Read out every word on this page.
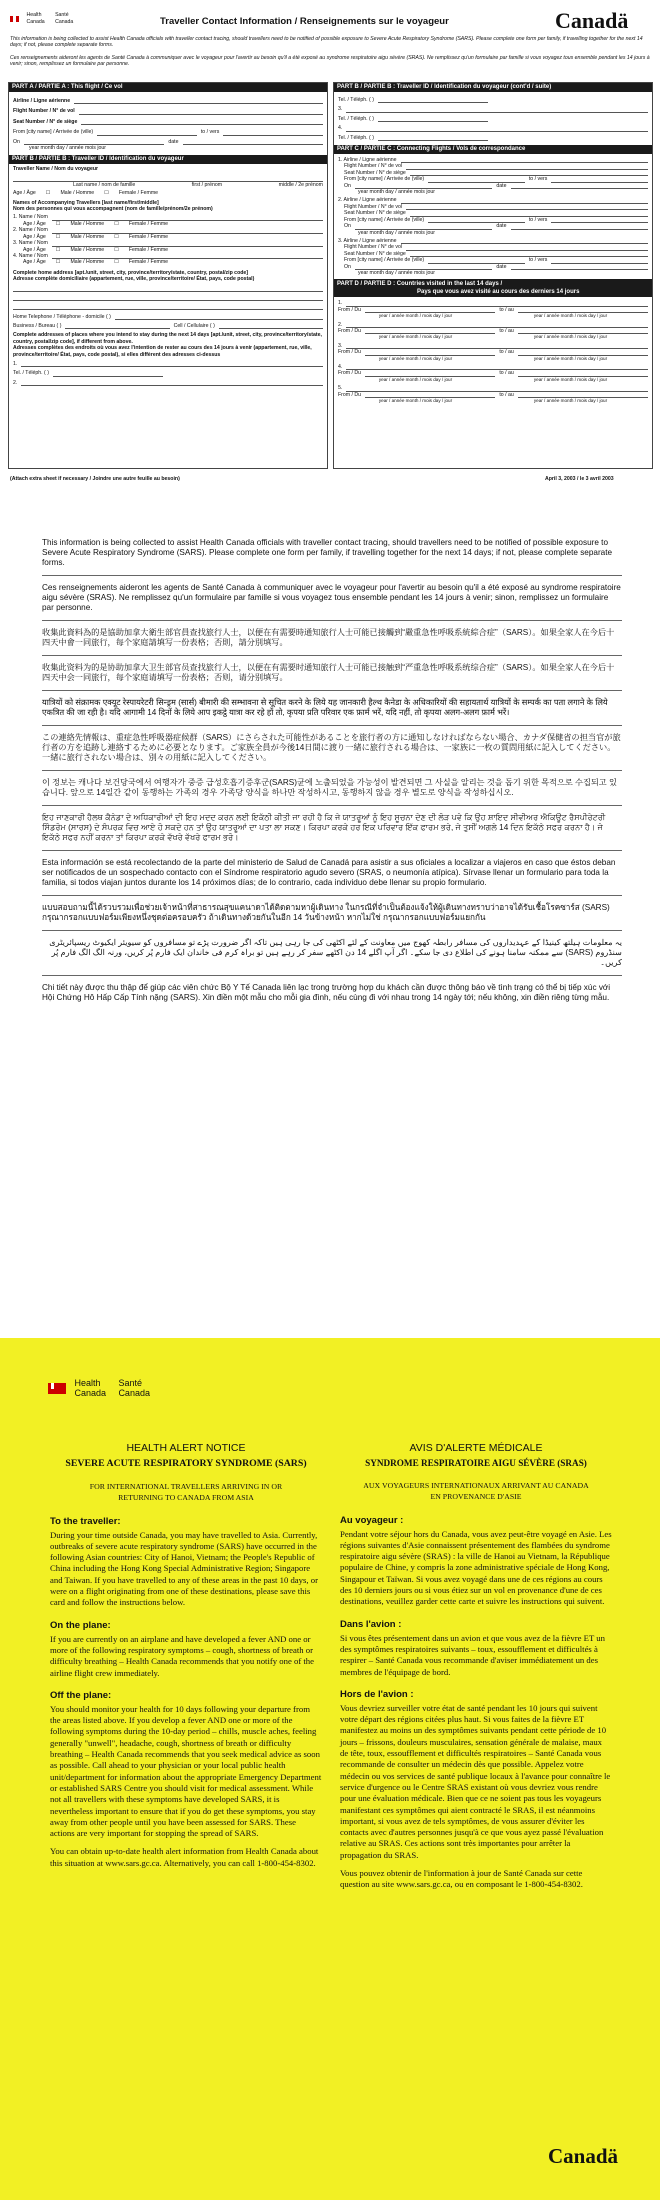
Health
Canada Santé
Canada	Traveller Contact Information / Renseignements sur le voyageur	Canadä
This information is being collected to assist Health Canada officials with traveller contact tracing, should travellers need to be notified of possible exposure to Severe Acute Respiratory Syndrome (SARS). Please complete one form per family, if travelling together for the next 14 days; if not, please complete separate forms.
Ces renseignements aideront les agents de Santé Canada à communiquer avec le voyageur pour l'avertir au besoin qu'il a été exposé au syndrome respiratoire aigu sévère (SRAS). Ne remplissez qu'un formulaire par famille si vous voyagez tous ensemble pendant les 14 jours à venir; sinon, remplissez un formulaire par personne.
PART A / PARTIE A : This flight / Ce vol
Airline / Ligne aérienne
Flight Number / N° de vol
Seat Number / N° de siège
From [city name] / Arrivée de (ville)	to / vers
On	date
year month day / année mois jour
PART B / PARTIE B : Traveller ID / Identification du voyageur
Traveller Name / Nom du voyageur
Last name / nom de famille	first / prénom	middle / 2e prénom
Age / Âge ☐ Male / Homme ☐ Female / Femme
Names of Accompanying Travellers [last name/first/middle]
Nom des personnes qui vous accompagnent (nom de famille/prénom/2e prénom)
1. Name / Nom
Age / Âge ☐ Male / Homme ☐ Female / Femme
2. Name / Nom
Age / Âge ☐ Male / Homme ☐ Female / Femme
3. Name / Nom
Age / Âge ☐ Male / Homme ☐ Female / Femme
4. Name / Nom
Age / Âge ☐ Male / Homme ☐ Female / Femme
Complete home address [apt./unit, street, city, province/territory/state, country, postal/zip code]
Adresse complète domiciliaire (appartement, rue, ville, province/territoire/ État, pays, code postal)
Home Telephone / Téléphone - domicile ( )
Business / Bureau ( )	Cell / Cellulaire ( )
Complete addresses of places where you intend to stay during the next 14 days [apt./unit, street, city, province/territory/state, country, postal/zip code], if different from above.
Adresses complètes des endroits où vous avez l'intention de rester au cours des 14 jours à venir (appartement, rue, ville, province/territoire/ État, pays, code postal), si elles diffèrent des adresses ci-dessus
1.
Tel. / Téléph. ( )
2.
PART B / PARTIE B : Traveller ID / Identification du voyageur (cont'd / suite)
Tel. / Téléph. ( )
3.
Tel. / Téléph. ( )
4.
Tel. / Téléph. ( )
PART C / PARTIE C : Connecting Flights / Vols de correspondance
1. Airline / Ligne aérienne
Flight Number / N° de vol
Seat Number / N° de siège
From [city name] / Arrivée de (ville)	to / vers
On	date
year month day / année mois jour
2. Airline / Ligne aérienne
Flight Number / N° de vol
Seat Number / N° de siège
From [city name] / Arrivée de (ville)	to / vers
On	date
year month day / année mois jour
3. Airline / Ligne aérienne
Flight Number / N° de vol
Seat Number / N° de siège
From [city name] / Arrivée de (ville)	to / vers
On	date
year month day / année mois jour
PART D / PARTIE D : Countries visited in the last 14 days /
Pays que vous avez visité au cours des derniers 14 jours
1.
From / Du	to / au
year / année month / mois day / jour	year / année month / mois day / jour
2.
From / Du	to / au
year / année month / mois day / jour	year / année month / mois day / jour
3.
From / Du	to / au
year / année month / mois day / jour	year / année month / mois day / jour
4.
From / Du	to / au
year / année month / mois day / jour	year / année month / mois day / jour
5.
From / Du	to / au
year / année month / mois day / jour	year / année month / mois day / jour
(Attach extra sheet if necessary / Joindre une autre feuille au besoin)	April 3, 2003 / le 3 avril 2003

This information is being collected to assist Health Canada officials with traveller contact tracing, should travellers need to be notified of possible exposure to Severe Acute Respiratory Syndrome (SARS). Please complete one form per family, if travelling together for the next 14 days; if not, please complete separate forms.

Ces renseignements aideront les agents de Santé Canada à communiquer avec le voyageur pour l'avertir au besoin qu'il a été exposé au syndrome respiratoire aigu sévère (SRAS). Ne remplissez qu'un formulaire par famille si vous voyagez tous ensemble pendant les 14 jours à venir; sinon, remplissez un formulaire par personne.

收集此資料為的是協助加拿大衛生部官員查找旅行人士，以便在有需要時通知旅行人士可能已接觸到“嚴重急性呼吸系統綜合症”（SARS）。如果全家人在今后十四天中會一同旅行，每个家庭請填写一份表格；否則，請分別填写。

收集此资料为的是协助加拿大卫生部官员查找旅行人士，以便在有需要时通知旅行人士可能已接触到“严重急性呼吸系统综合症”（SARS）。如果全家人在今后十四天中会一同旅行，每个家庭请填写一份表格；否则，请分别填写。

यात्रियों को संक्रामक एक्यूट रेस्पायरेटरी सिन्ड्रम (सार्स) बीमारी की सम्भावना से सूचित करने के लिये यह जानकारी हैल्थ कैनेडा के अधिकारियों की सहायतार्थ यात्रियों के सम्पर्क का पता लगाने के लिये एकत्रित की जा रही है। यदि आगामी 14 दिनों के लिये आप इकट्ठे यात्रा कर रहे हों तो, कृपया प्रति परिवार एक फ़ार्म भरें, यदि नहीं, तो कृपया अलग-अलग फ़ार्म भरें।

この連絡先情報は、重症急性呼吸器症候群（SARS）にさらされた可能性があることを旅行者の方に通知しなければならない場合、カナダ保健省の担当官が旅行者の方を追跡し連絡するために必要となります。ご家族全員が今後14日間に渡り一緒に旅行される場合は、一家族に一枚の質問用紙に記入してください。一緒に旅行されない場合は、別々の用紙に記入してください。

이 정보는 캐나다 보건당국에서 여행자가 중증 급성호흡기증후군(SARS)균에 노출되었을 가능성이 발견되면 그 사실을 알리는 것을 돕기 위한 목적으로 수집되고 있습니다. 앞으로 14일간 같이 동행하는 가족의 경우 가족당 양식을 하나만 작성하시고, 동행하지 않을 경우 별도로 양식을 작성하십시오.

ਇਹ ਜਾਣਕਾਰੀ ਹੈਲਥ ਕੈਨੇਡਾ ਦੇ ਅਧਿਕਾਰੀਆਂ ਦੀ ਇਹ ਮਦਦ ਕਰਨ ਲਈ ਇਕੱਠੀ ਕੀਤੀ ਜਾ ਰਹੀ ਹੈ ਕਿ ਜੇ ਯਾਤਰੂਆਂ ਨੂੰ ਇਹ ਸੂਚਨਾ ਦੇਣ ਦੀ ਲੋੜ ਪਵੇ ਕਿ ਉਹ ਸ਼ਾਇਦ ਸੀਵੀਅਰ ਐਕਿਊਟ ਰੈਸਪੀਰੇਟਰੀ ਸਿੰਡਰੋਮ (ਸਾਰਸ) ਦੇ ਸੰਪਰਕ ਵਿਚ ਆਏ ਹੋ ਸਕਦੇ ਹਨ ਤਾਂ ਉਹ ਯਾਤਰੂਆਂ ਦਾ ਪਤਾ ਲਾ ਸਕਣ। ਕਿਰਪਾ ਕਰਕੇ ਹਰ ਇਕ ਪਰਿਵਾਰ ਇੱਕ ਫਾਰਮ ਭਰੇ, ਜੇ ਤੁਸੀਂ ਅਗਲੇ 14 ਦਿਨ ਇਕੱਠੇ ਸਫਰ ਕਰਨਾ ਹੈ। ਜੇ ਇਕੱਠੇ ਸਫਰ ਨਹੀਂ ਕਰਨਾ ਤਾਂ ਕਿਰਪਾ ਕਰਕੇ ਵੱਖਰੇ ਵੱਖਰੇ ਫਾਰਮ ਭਰੋ।

Esta información se está recolectando de la parte del ministerio de Salud de Canadá para asistir a sus oficiales a localizar a viajeros en caso que éstos deban ser notificados de un sospechado contacto con el Síndrome respiratorio agudo severo (SRAS, o neumonía atípica). Sírvase llenar un formulario para toda la familia, si todos viajan juntos durante los 14 próximos días; de lo contrario, cada individuo debe llenar su propio formulario.

แบบสอบถามนี้ได้รวบรวมเพื่อช่วยเจ้าหน้าที่สาธารณสุขแคนาดาได้ติดตามหาผู้เดินทาง ในกรณีที่จำเป็นต้องแจ้งให้ผู้เดินทางทราบว่าอาจได้รับเชื้อโรคซาร์ส (SARS) กรุณากรอกแบบฟอร์มเพียงหนึ่งชุดต่อครอบครัว ถ้าเดินทางด้วยกันในอีก 14 วันข้างหน้า หากไม่ใช่ กรุณากรอกแบบฟอร์มแยกกัน

یہ معلومات ہیلتھ کینیڈا کے عہدیداروں کی مسافر رابطہ کھوج میں معاونت کے لئے اکٹھی کی جا رہی ہیں تاکہ اگر ضرورت پڑے تو مسافروں کو سیویئر ایکیوٹ ریسپائریٹری سنڈروم (SARS) سے ممکنہ سامنا ہونے کی اطلاع دی جا سکے۔ اگر آپ اگلے 14 دن اکٹھے سفر کر رہے ہیں تو براہ کرم فی خاندان ایک فارم پُر کریں، ورنہ الگ الگ فارم پُر کریں۔

Chi tiết này được thu thập để giúp các viên chức Bộ Y Tế Canada liên lạc trong trường hợp du khách cần được thông báo về tình trạng có thể bị tiếp xúc với Hội Chứng Hô Hấp Cấp Tính nặng (SARS). Xin điền một mẫu cho mỗi gia đình, nếu cùng đi với nhau trong 14 ngày tới; nếu không, xin điền riêng từng mẫu.

Health
Canada Santé
Canada
HEALTH ALERT NOTICE
SEVERE ACUTE RESPIRATORY SYNDROME (SARS)
FOR INTERNATIONAL TRAVELLERS ARRIVING IN OR RETURNING TO CANADA FROM ASIA
To the traveller:
During your time outside Canada, you may have travelled to Asia. Currently, outbreaks of severe acute respiratory syndrome (SARS) have occurred in the following Asian countries: City of Hanoi, Vietnam; the People's Republic of China including the Hong Kong Special Administrative Region; Singapore and Taiwan. If you have travelled to any of these areas in the past 10 days, or were on a flight originating from one of these destinations, please save this card and follow the instructions below.
On the plane:
If you are currently on an airplane and have developed a fever AND one or more of the following respiratory symptoms – cough, shortness of breath or difficulty breathing – Health Canada recommends that you notify one of the airline flight crew immediately.
Off the plane:
You should monitor your health for 10 days following your departure from the areas listed above. If you develop a fever AND one or more of the following symptoms during the 10-day period – chills, muscle aches, feeling generally "unwell", headache, cough, shortness of breath or difficulty breathing – Health Canada recommends that you seek medical advice as soon as possible. Call ahead to your physician or your local public health unit/department for information about the appropriate Emergency Department or established SARS Centre you should visit for medical assessment. While not all travellers with these symptoms have developed SARS, it is nevertheless important to ensure that if you do get these symptoms, you stay away from other people until you have been assessed for SARS. These actions are very important for stopping the spread of SARS.
You can obtain up-to-date health alert information from Health Canada about this situation at www.sars.gc.ca. Alternatively, you can call 1-800-454-8302.
AVIS D'ALERTE MÉDICALE
SYNDROME RESPIRATOIRE AIGU SÉVÈRE (SRAS)
AUX VOYAGEURS INTERNATIONAUX ARRIVANT AU CANADA EN PROVENANCE D'ASIE
Au voyageur :
Pendant votre séjour hors du Canada, vous avez peut-être voyagé en Asie. Les régions suivantes d'Asie connaissent présentement des flambées du syndrome respiratoire aigu sévère (SRAS) : la ville de Hanoi au Vietnam, la République populaire de Chine, y compris la zone administrative spéciale de Hong Kong, Singapour et Taïwan. Si vous avez voyagé dans une de ces régions au cours des 10 derniers jours ou si vous étiez sur un vol en provenance d'une de ces destinations, veuillez garder cette carte et suivre les instructions qui suivent.
Dans l'avion :
Si vous êtes présentement dans un avion et que vous avez de la fièvre ET un des symptômes respiratoires suivants – toux, essoufflement et difficultés à respirer – Santé Canada vous recommande d'aviser immédiatement un des membres de l'équipage de bord.
Hors de l'avion :
Vous devriez surveiller votre état de santé pendant les 10 jours qui suivent votre départ des régions citées plus haut. Si vous faites de la fièvre ET manifestez au moins un des symptômes suivants pendant cette période de 10 jours – frissons, douleurs musculaires, sensation générale de malaise, maux de tête, toux, essoufflement et difficultés respiratoires – Santé Canada vous recommande de consulter un médecin dès que possible. Appelez votre médecin ou vos services de santé publique locaux à l'avance pour connaître le service d'urgence ou le Centre SRAS existant où vous devriez vous rendre pour une évaluation médicale. Bien que ce ne soient pas tous les voyageurs manifestant ces symptômes qui aient contracté le SRAS, il est néanmoins important, si vous avez de tels symptômes, de vous assurer d'éviter les contacts avec d'autres personnes jusqu'à ce que vous ayez passé l'évaluation relative au SRAS. Ces actions sont très importantes pour arrêter la propagation du SRAS.
Vous pouvez obtenir de l'information à jour de Santé Canada sur cette question au site www.sars.gc.ca, ou en composant le 1-800-454-8302.
Canadä
